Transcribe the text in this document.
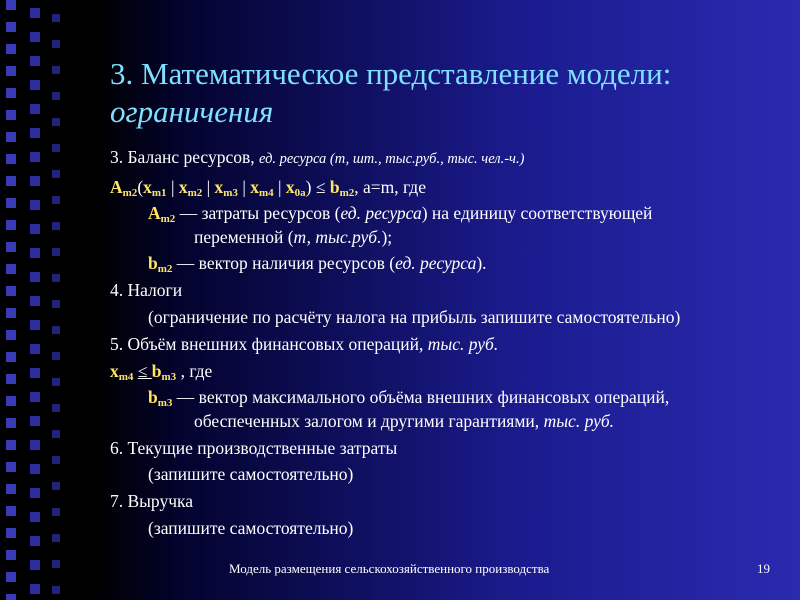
3. Математическое представление модели:
ограничения
3. Баланс ресурсов, ед. ресурса (т, шт., тыс.руб., тыс. чел.-ч.)
Am2(xm1 | xm2 | xm3 | xm4 | x0a) ≤ bm2, a=m, где
Am2 — затраты ресурсов (ед. ресурса) на единицу соответствующей
переменной (т, тыс.руб.);
bm2 — вектор наличия ресурсов (ед. ресурса).
4. Налоги
(ограничение по расчёту налога на прибыль запишите самостоятельно)
5. Объём внешних финансовых операций, тыс. руб.
xm4 ≤ bm3 , где
bm3 — вектор максимального объёма внешних финансовых операций,
обеспеченных залогом и другими гарантиями, тыс. руб.
6. Текущие производственные затраты
(запишите самостоятельно)
7. Выручка
(запишите самостоятельно)
Модель размещения сельскохозяйственного производства	19
